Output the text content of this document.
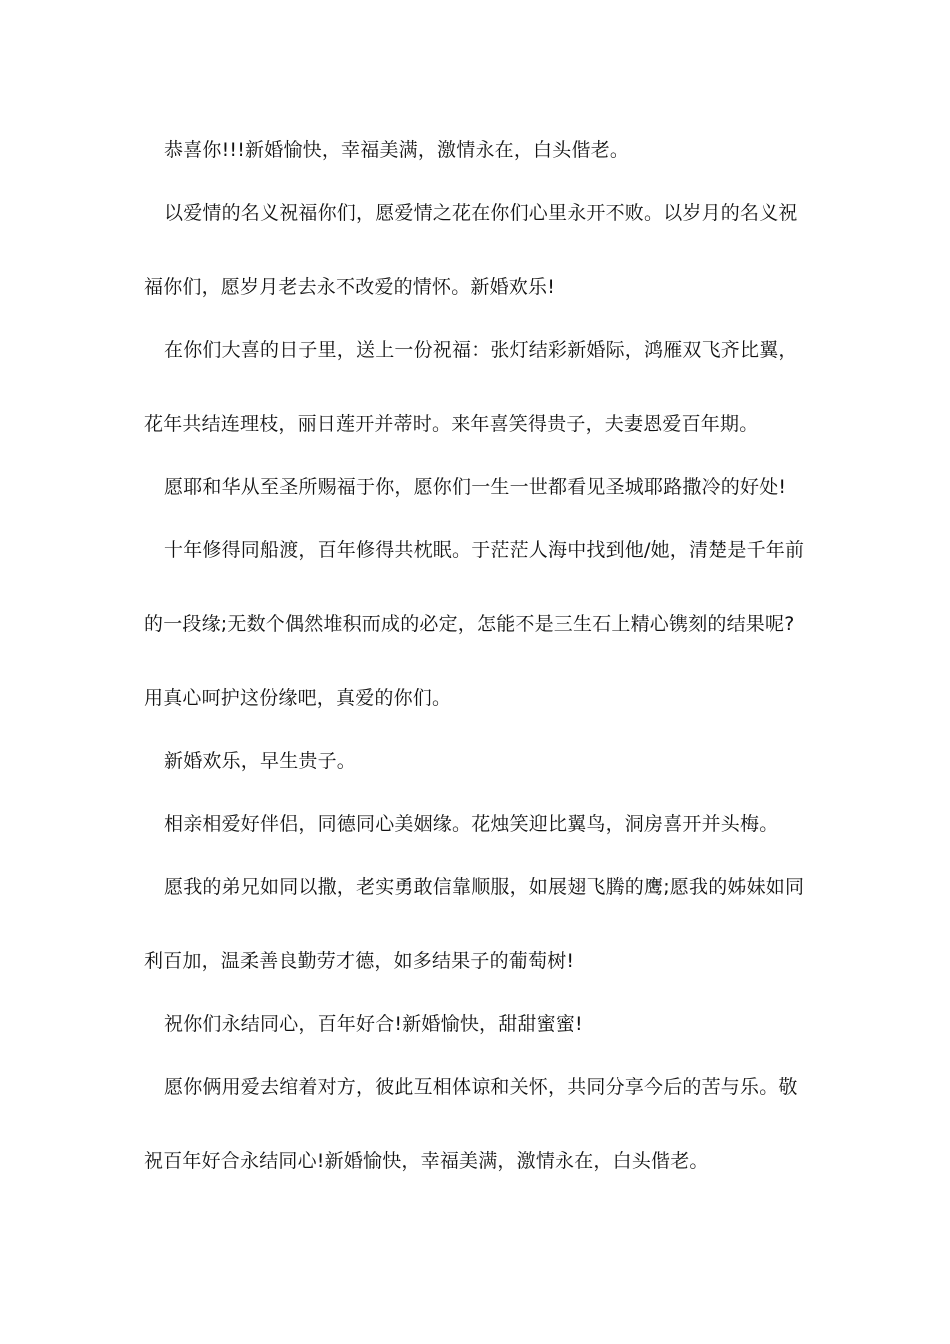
恭喜你!!!新婚愉快，幸福美满，激情永在，白头偕老。
以爱情的名义祝福你们，愿爱情之花在你们心里永开不败。以岁月的名义祝
福你们，愿岁月老去永不改爱的情怀。新婚欢乐!
在你们大喜的日子里，送上一份祝福：张灯结彩新婚际，鸿雁双飞齐比翼，
花年共结连理枝，丽日莲开并蒂时。来年喜笑得贵子，夫妻恩爱百年期。
愿耶和华从至圣所赐福于你，愿你们一生一世都看见圣城耶路撒冷的好处!
十年修得同船渡，百年修得共枕眠。于茫茫人海中找到他/她，清楚是千年前
的一段缘;无数个偶然堆积而成的必定，怎能不是三生石上精心镌刻的结果呢?
用真心呵护这份缘吧，真爱的你们。
新婚欢乐，早生贵子。
相亲相爱好伴侣，同德同心美姻缘。花烛笑迎比翼鸟，洞房喜开并头梅。
愿我的弟兄如同以撒，老实勇敢信靠顺服，如展翅飞腾的鹰;愿我的姊妹如同
利百加，温柔善良勤劳才德，如多结果子的葡萄树!
祝你们永结同心，百年好合!新婚愉快，甜甜蜜蜜!
愿你俩用爱去绾着对方，彼此互相体谅和关怀，共同分享今后的苦与乐。敬
祝百年好合永结同心!新婚愉快，幸福美满，激情永在，白头偕老。
